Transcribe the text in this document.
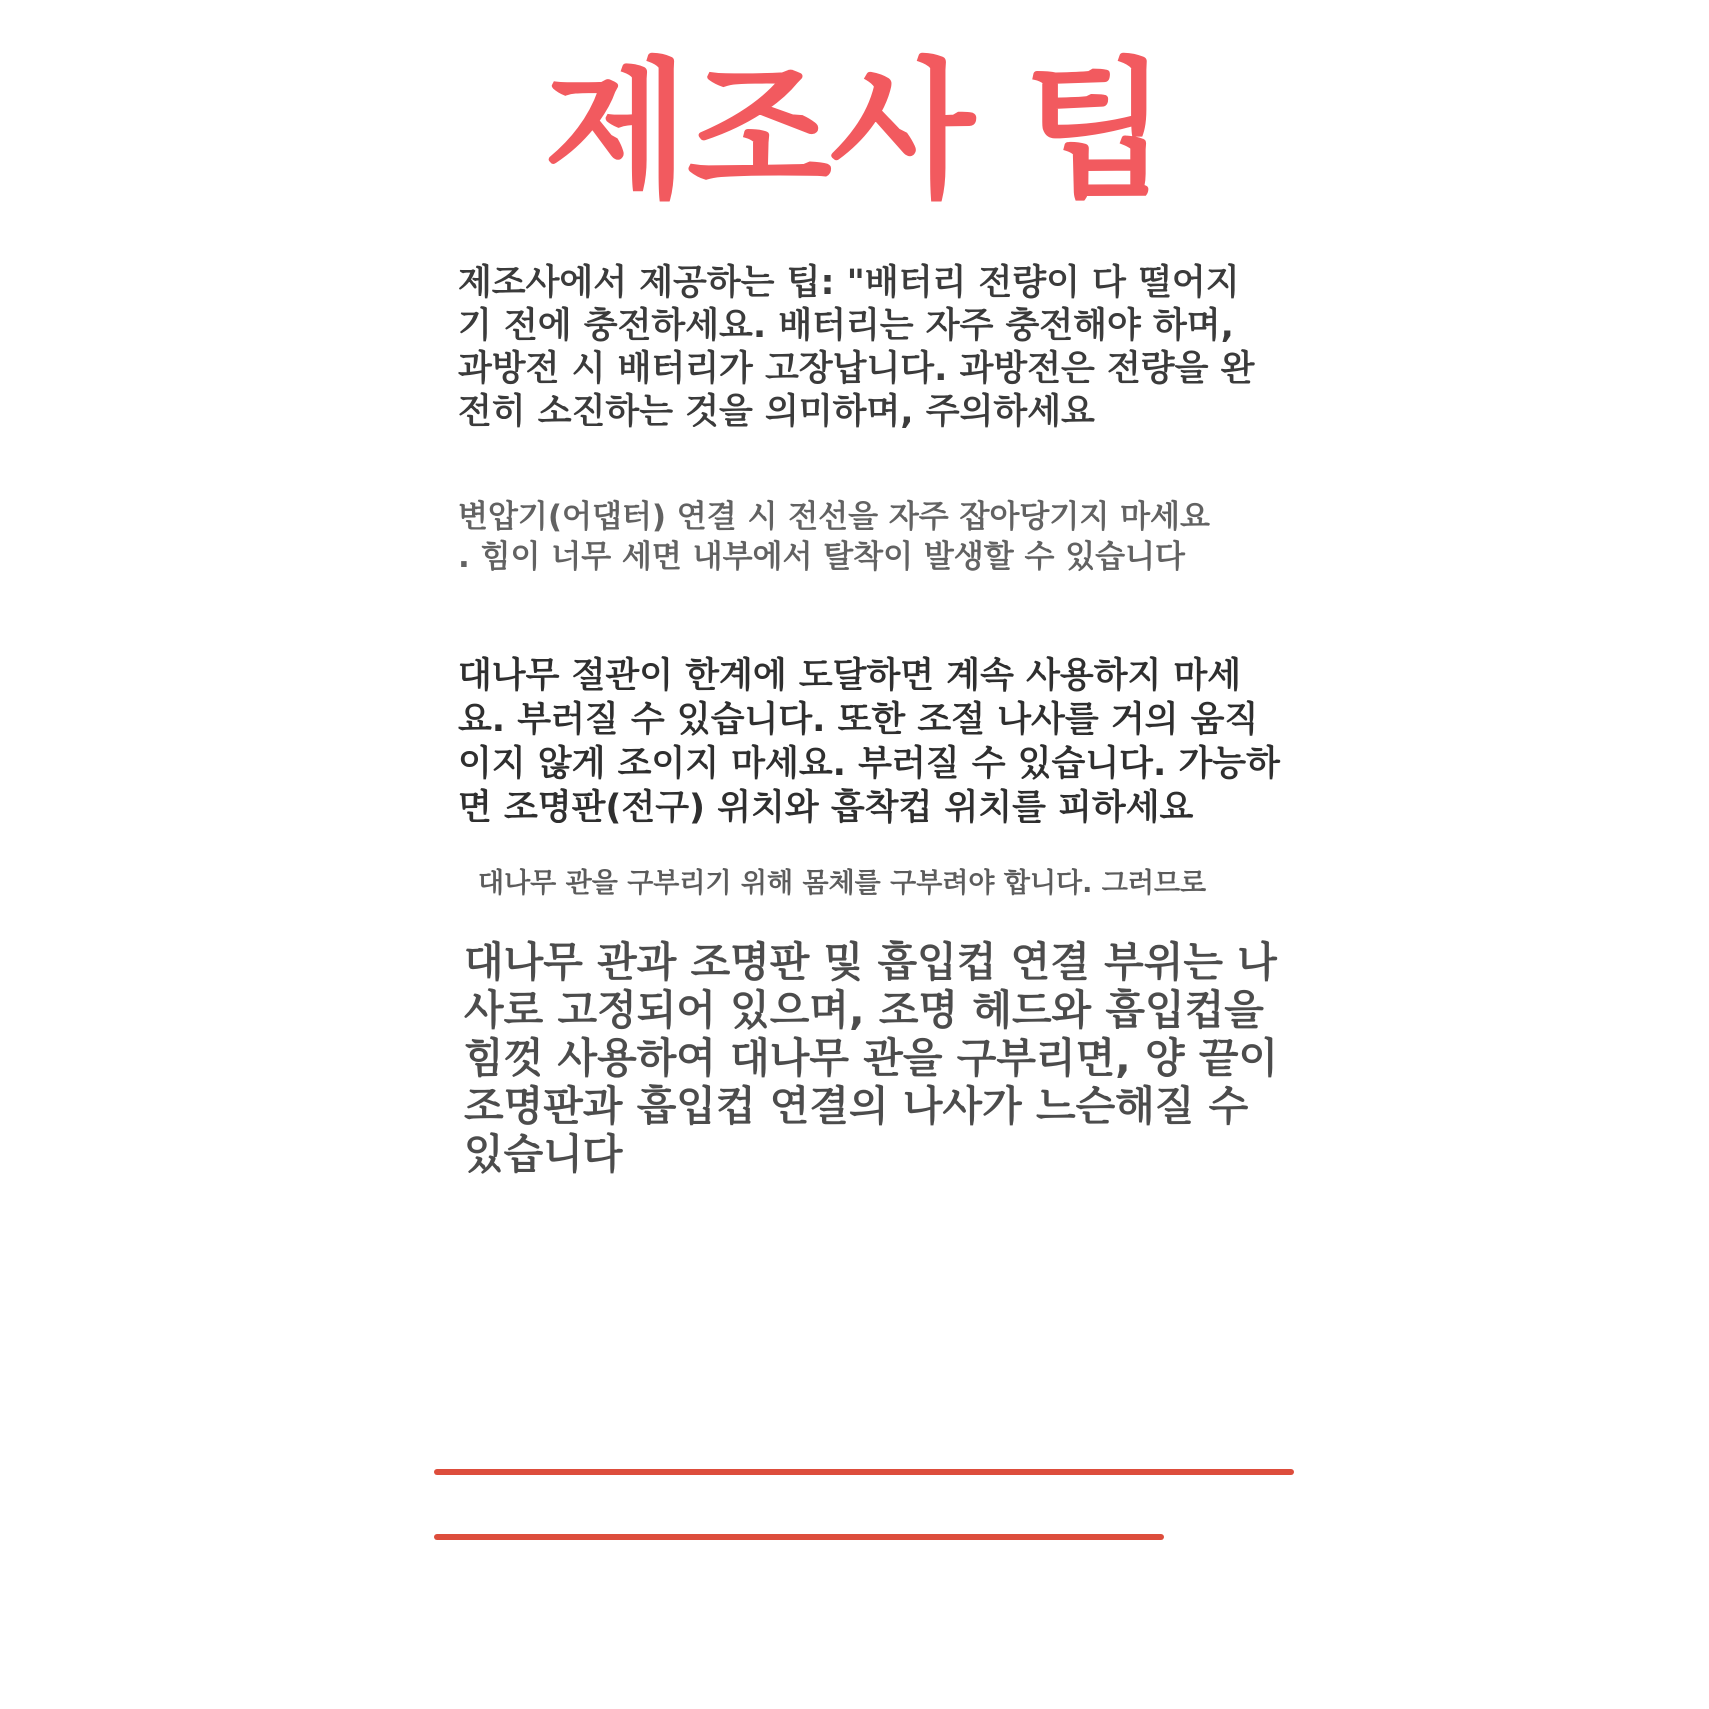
제조사 팁
제조사에서 제공하는 팁: "배터리 전량이 다 떨어지
기 전에 충전하세요. 배터리는 자주 충전해야 하며,
과방전 시 배터리가 고장납니다. 과방전은 전량을 완
전히 소진하는 것을 의미하며, 주의하세요
변압기(어댑터) 연결 시 전선을 자주 잡아당기지 마세요
. 힘이 너무 세면 내부에서 탈착이 발생할 수 있습니다
대나무 절관이 한계에 도달하면 계속 사용하지 마세
요. 부러질 수 있습니다. 또한 조절 나사를 거의 움직
이지 않게 조이지 마세요. 부러질 수 있습니다. 가능하
면 조명판(전구) 위치와 흡착컵 위치를 피하세요
대나무 관을 구부리기 위해 몸체를 구부려야 합니다. 그러므로
대나무 관과 조명판 및 흡입컵 연결 부위는 나
사로 고정되어 있으며, 조명 헤드와 흡입컵을
힘껏 사용하여 대나무 관을 구부리면, 양 끝이
조명판과 흡입컵 연결의 나사가 느슨해질 수
있습니다
